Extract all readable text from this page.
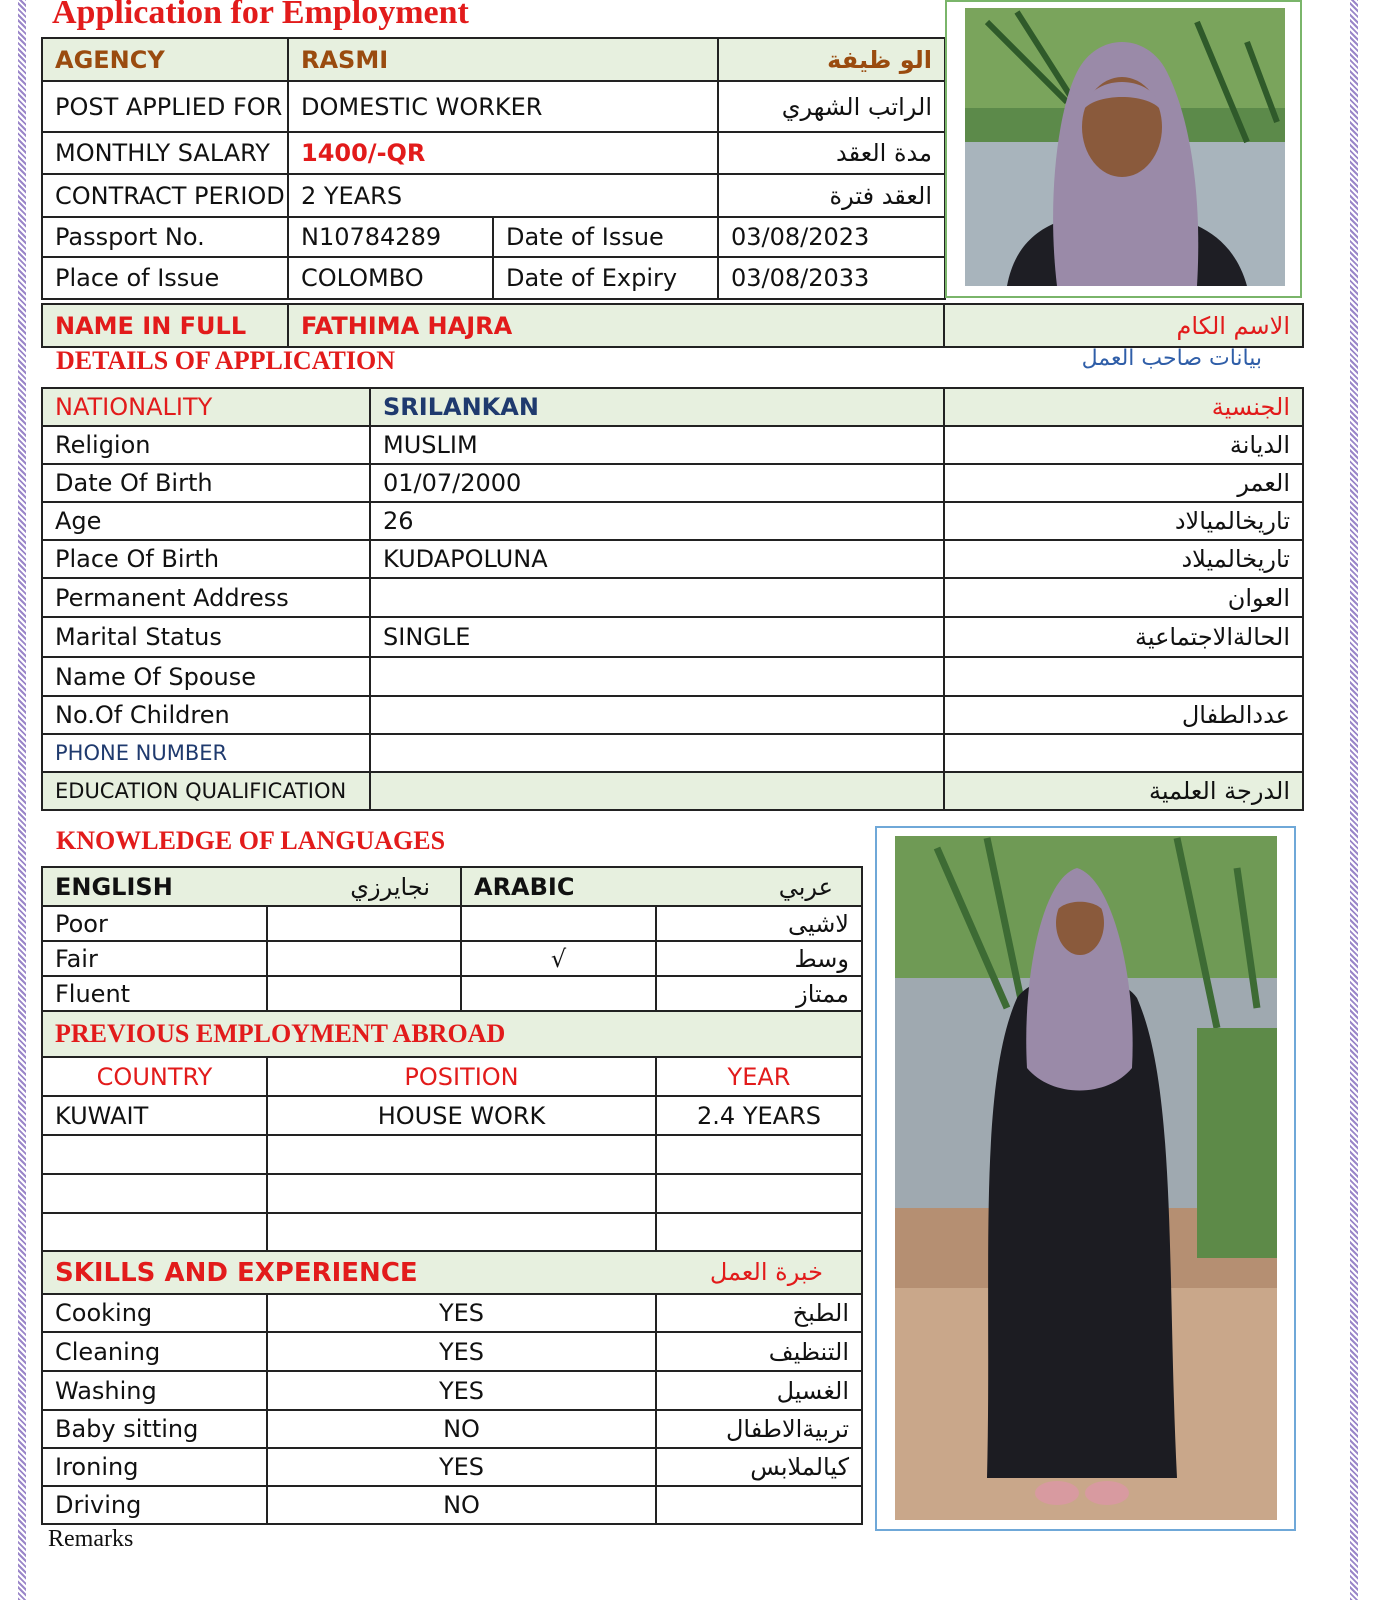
Application for Employment
AGENCY	RASMI	الو ظيفة
POST APPLIED FOR	DOMESTIC WORKER	الراتب الشهري
MONTHLY SALARY	1400/-QR	مدة العقد
CONTRACT PERIOD	2 YEARS	العقد فترة
Passport No.	N10784289	Date of Issue	03/08/2023
Place of Issue	COLOMBO	Date of Expiry	03/08/2033
NAME IN FULL	FATHIMA HAJRA	الاسم الكام
DETAILS OF APPLICATION	بيانات صاحب العمل
NATIONALITY	SRILANKAN	الجنسية
Religion	MUSLIM	الديانة
Date Of Birth	01/07/2000	العمر
Age	26	تاريخالميالاد
Place Of Birth	KUDAPOLUNA	تاريخالميلاد
Permanent Address		العوان
Marital Status	SINGLE	الحالةالاجتماعية
Name Of Spouse		
No.Of Children		عددالطفال
PHONE NUMBER		
EDUCATION QUALIFICATION		الدرجة العلمية
KNOWLEDGE OF LANGUAGES
ENGLISH نجايرزي		ARABIC عربي	

Poor			لاشيى
Fair		√	وسط
Fluent			ممتاز
PREVIOUS EMPLOYMENT ABROAD		
COUNTRY	POSITION	YEAR
KUWAIT	HOUSE WORK	2.4 YEARS

SKILLS AND EXPERIENCE خبرة العمل		

Cooking	YES	الطبخ
Cleaning	YES	التنظيف
Washing	YES	الغسيل
Baby sitting	NO	تربيةالاطفال
Ironing	YES	كيالملابس
Driving	NO	
Remarks
